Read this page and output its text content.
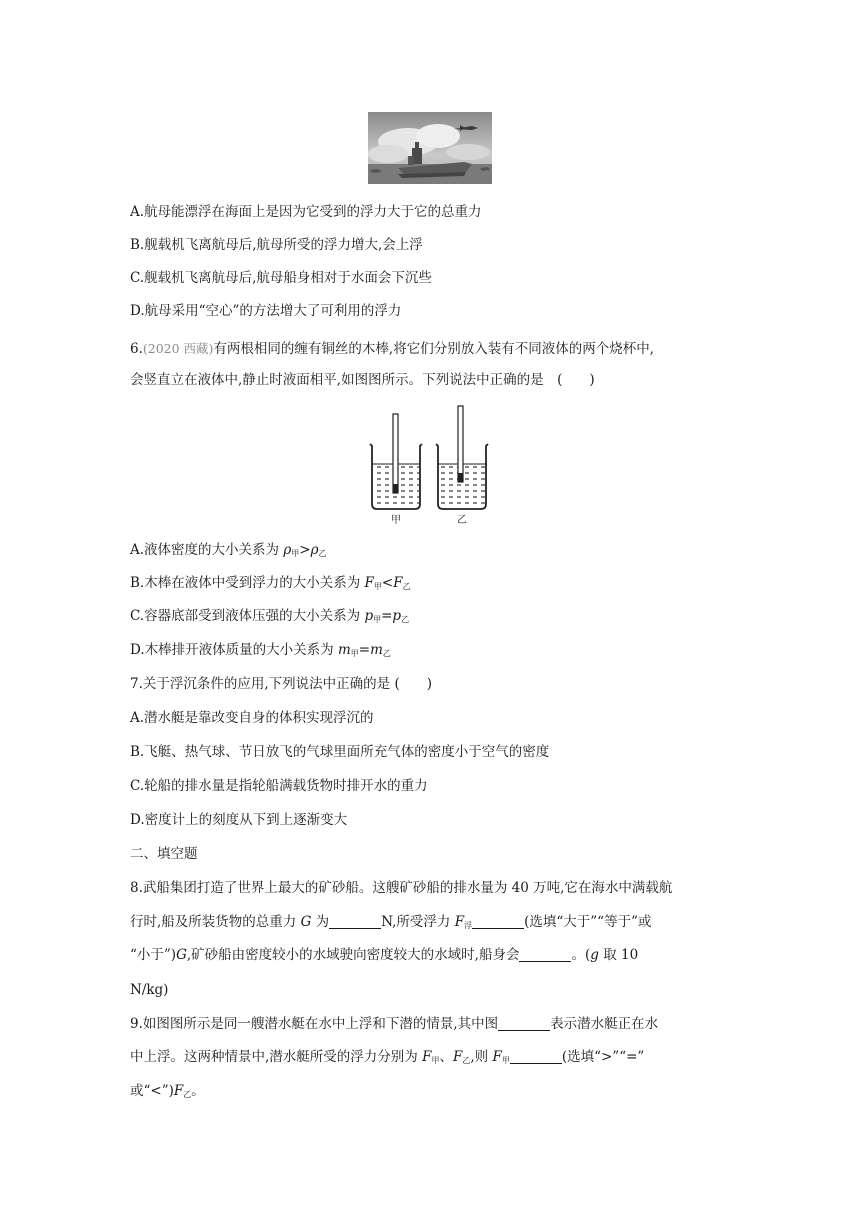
A.航母能漂浮在海面上是因为它受到的浮力大于它的总重力
B.舰载机飞离航母后,航母所受的浮力增大,会上浮
C.舰载机飞离航母后,航母船身相对于水面会下沉些
D.航母采用“空心”的方法增大了可利用的浮力
6.(2020 西藏)有两根相同的缠有铜丝的木棒,将它们分别放入装有不同液体的两个烧杯中,
会竖直立在液体中,静止时液面相平,如图图所示。下列说法中正确的是　(　　)
甲	乙
A.液体密度的大小关系为 $\rho_甲>\rho_乙$
B.木棒在液体中受到浮力的大小关系为 $F_甲<F_乙$
C.容器底部受到液体压强的大小关系为 $p_甲=p_乙$
D.木棒排开液体质量的大小关系为 $m_甲=m_乙$
7.关于浮沉条件的应用,下列说法中正确的是 (　　)
A.潜水艇是靠改变自身的体积实现浮沉的
B.飞艇、热气球、节日放飞的气球里面所充气体的密度小于空气的密度
C.轮船的排水量是指轮船满载货物时排开水的重力
D.密度计上的刻度从下到上逐渐变大
二、填空题
8.武船集团打造了世界上最大的矿砂船。这艘矿砂船的排水量为 40 万吨,它在海水中满载航
行时,船及所装货物的总重力 G 为	N,所受浮力 $F_浮$	(选填“大于”“等于”或
“小于”)G,矿砂船由密度较小的水域驶向密度较大的水域时,船身会	。(g 取 10
N/kg)
9.如图图所示是同一艘潜水艇在水中上浮和下潜的情景,其中图	表示潜水艇正在水
中上浮。这两种情景中,潜水艇所受的浮力分别为 $F_甲$、$F_乙$,则 $F_甲$	(选填“>”“=”
或“$<”)F_乙$。
